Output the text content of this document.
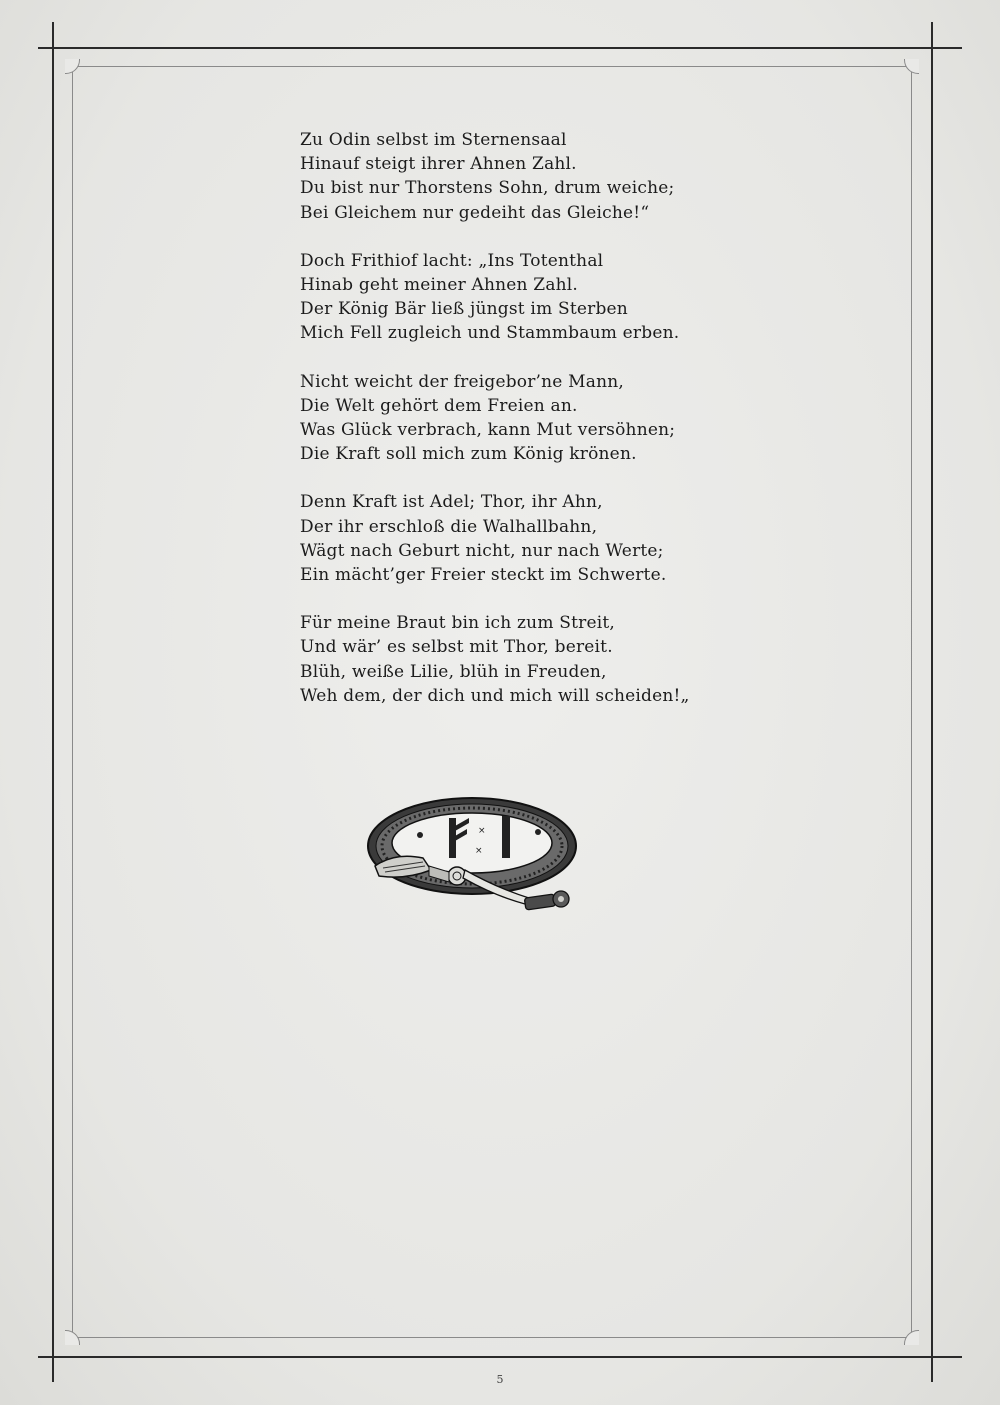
Zu Odin selbst im Sternensaal
Hinauf steigt ihrer Ahnen Zahl.
Du bist nur Thorstens Sohn, drum weiche;
Bei Gleichem nur gedeiht das Gleiche!“
Doch Frithiof lacht: „Ins Totenthal
Hinab geht meiner Ahnen Zahl.
Der König Bär ließ jüngst im Sterben
Mich Fell zugleich und Stammbaum erben.
Nicht weicht der freigebor’ne Mann,
Die Welt gehört dem Freien an.
Was Glück verbrach, kann Mut versöhnen;
Die Kraft soll mich zum König krönen.
Denn Kraft ist Adel; Thor, ihr Ahn,
Der ihr erschloß die Walhallbahn,
Wägt nach Geburt nicht, nur nach Werte;
Ein mächt’ger Freier steckt im Schwerte.
Für meine Braut bin ich zum Streit,
Und wär’ es selbst mit Thor, bereit.
Blüh, weiße Lilie, blüh in Freuden,
Weh dem, der dich und mich will scheiden!„
×
×
5
